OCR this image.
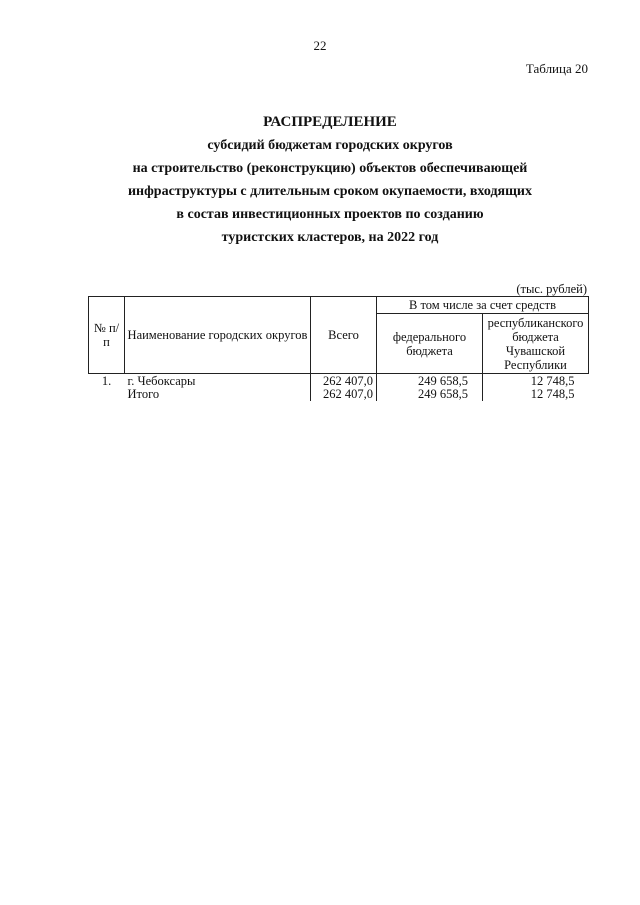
22
Таблица 20
РАСПРЕДЕЛЕНИЕ
субсидий бюджетам городских округов
на строительство (реконструкцию) объектов обеспечивающей
инфраструктуры с длительным сроком окупаемости, входящих
в состав инвестиционных проектов по созданию
туристских кластеров, на 2022 год
(тыс. рублей)
№ п/п	Наименование городских округов	Всего	В том числе за счет средств	
			федерального бюджета	республиканского бюджета Чувашской Республики
1.	г. Чебоксары	262 407,0	249 658,5	12 748,5
	Итого	262 407,0	249 658,5	12 748,5
